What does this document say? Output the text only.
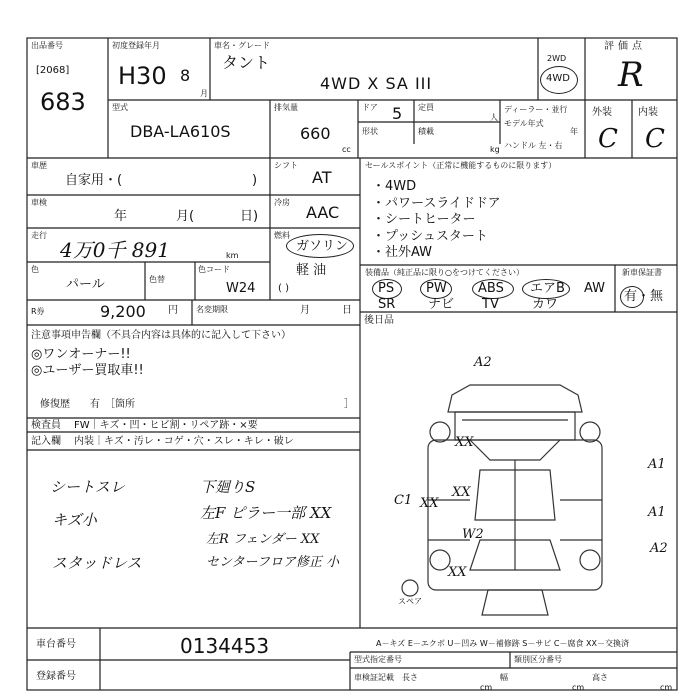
出品番号
[2068]
683
初度登録年月
H30 8
月
車名・グレード
タント
4WD X SA III
2WD
4WD
評価点
R
外装	内装
C C
型式
DBA-LA610S
排気量
660
cc
ドア 5 定員
人
形状	積載
kg
ディーラー・並行
モデル年式
年
ハンドル 左・右
車歴
自家用・(	)
シフト
AT
車検
年	月(	日)
冷房
AAC
走行
4万0千 891	km
燃料
ガソリン
軽 油
( )
色
パール	色替
色コード
W24
R券	9,200 円 名変期限	月	日
セールスポイント（正常に機能するものに限ります）
・4WD
・パワースライドドア
・シートヒーター
・プッシュスタート
・社外AW
装備品（純正品に限り○をつけてください）
PS PW ABS エアB AW
SR	ナビ TV	カワ
新車保証書
有・無
後日品
注意事項申告欄（不具合内容は具体的に記入して下さい）
◎ワンオーナー!!
◎ユーザー買取車!!
修復歴　　有　［箇所	］
検査員
記入欄
FW｜キズ・凹・ヒビ割・リペア跡・×要
内装｜キズ・汚レ・コゲ・穴・スレ・キレ・破レ
シートスレ
キズ小
スタッドレス
下廻りS
左F ピラー一部 XX
左R フェンダー XX
センターフロア修正 小
A2
XX
XX
XX
C1
A1
A1
W2
XX
A2
スペア
車台番号	0134453
登録番号
A－キズ E－エクボ U－凹み W－補修跡 S－サビ C－腐食 XX－交換済
型式指定番号	類別区分番号
車検証記載 長さ
cm
幅
cm
高さ
cm
